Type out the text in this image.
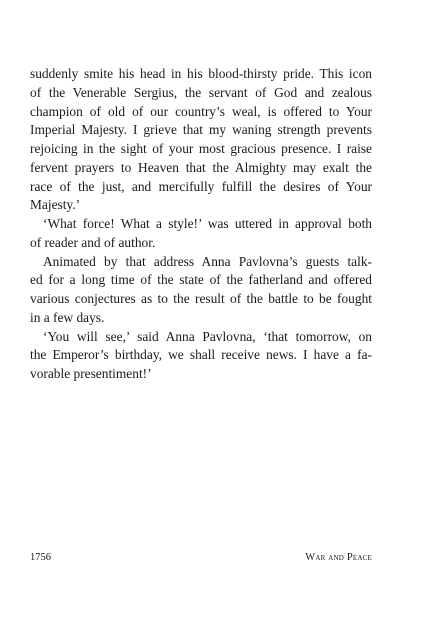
suddenly smite his head in his blood-thirsty pride. This icon
of the Venerable Sergius, the servant of God and zealous
champion of old of our country’s weal, is offered to Your
Imperial Majesty. I grieve that my waning strength prevents
rejoicing in the sight of your most gracious presence. I raise
fervent prayers to Heaven that the Almighty may exalt the
race of the just, and mercifully fulfill the desires of Your
Majesty.’
‘What force! What a style!’ was uttered in approval both
of reader and of author.
Animated by that address Anna Pavlovna’s guests talk-
ed for a long time of the state of the fatherland and offered
various conjectures as to the result of the battle to be fought
in a few days.
‘You will see,’ said Anna Pavlovna, ‘that tomorrow, on
the Emperor’s birthday, we shall receive news. I have a fa-
vorable presentiment!’
1756	War and Peace
